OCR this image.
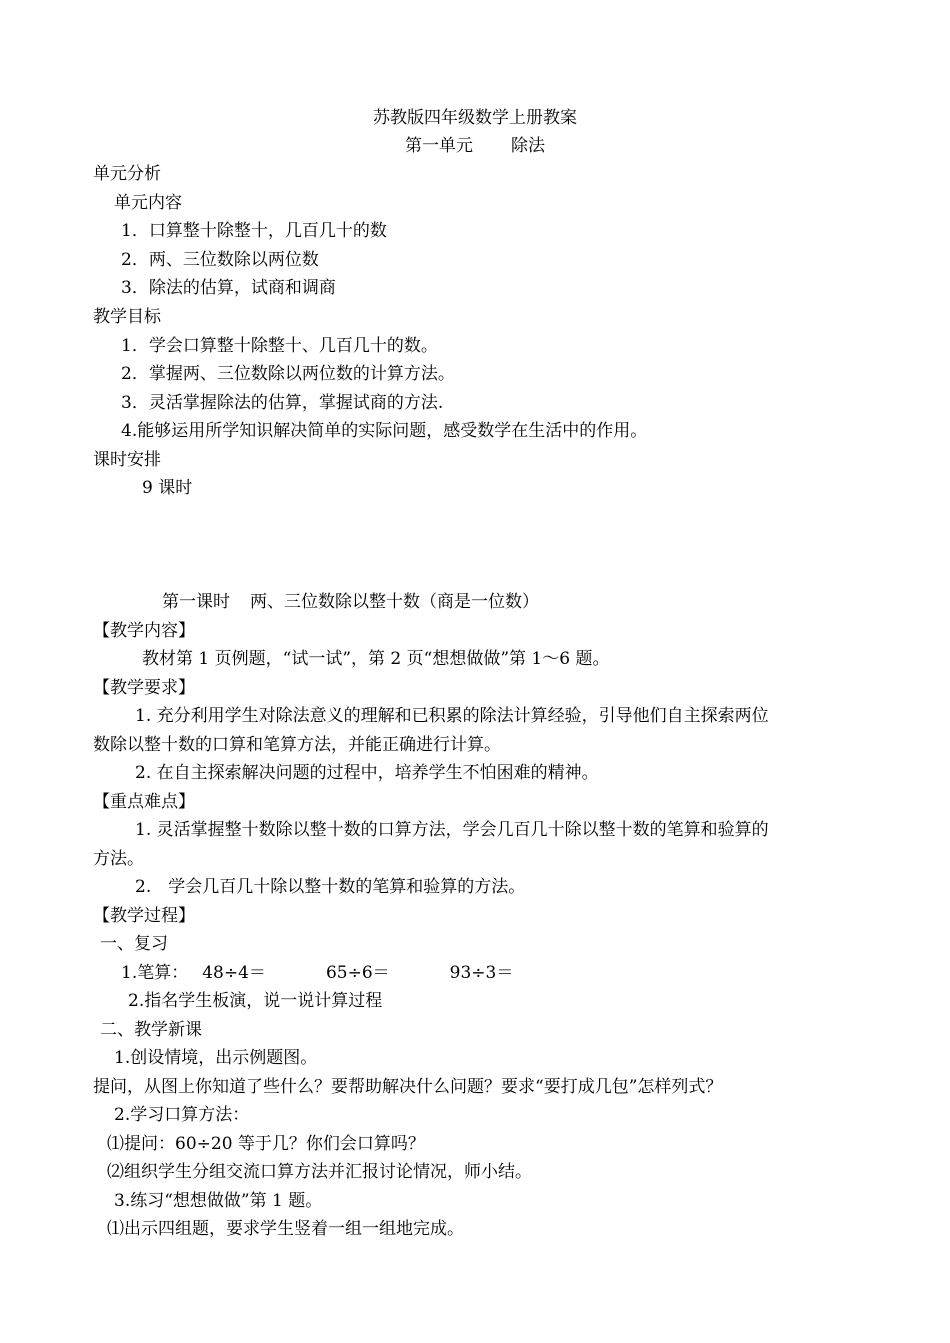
苏教版四年级数学上册教案
第一单元 除法
单元分析
单元内容
1．口算整十除整十，几百几十的数
2．两、三位数除以两位数
3．除法的估算，试商和调商
教学目标
1．学会口算整十除整十、几百几十的数。
2．掌握两、三位数除以两位数的计算方法。
3．灵活掌握除法的估算，掌握试商的方法.
4.能够运用所学知识解决简单的实际问题，感受数学在生活中的作用。
课时安排
9 课时
第一课时 两、三位数除以整十数（商是一位数）
【教学内容】
教材第 1 页例题，“试一试”，第 2 页“想想做做”第 1～6 题。
【教学要求】
1. 充分利用学生对除法意义的理解和已积累的除法计算经验，引导他们自主探索两位
数除以整十数的口算和笔算方法，并能正确进行计算。
2. 在自主探索解决问题的过程中，培养学生不怕困难的精神。
【重点难点】
1. 灵活掌握整十数除以整十数的口算方法，学会几百几十除以整十数的笔算和验算的
方法。
2.　学会几百几十除以整十数的笔算和验算的方法。
【教学过程】
一、复习
1.笔算： 48÷4＝	65÷6＝	93÷3＝
2.指名学生板演，说一说计算过程
二、教学新课
1.创设情境，出示例题图。
提问，从图上你知道了些什么？要帮助解决什么问题？要求“要打成几包”怎样列式？
2.学习口算方法：
⑴提问：60÷20 等于几？你们会口算吗？
⑵组织学生分组交流口算方法并汇报讨论情况，师小结。
3.练习“想想做做”第 1 题。
⑴出示四组题，要求学生竖着一组一组地完成。
